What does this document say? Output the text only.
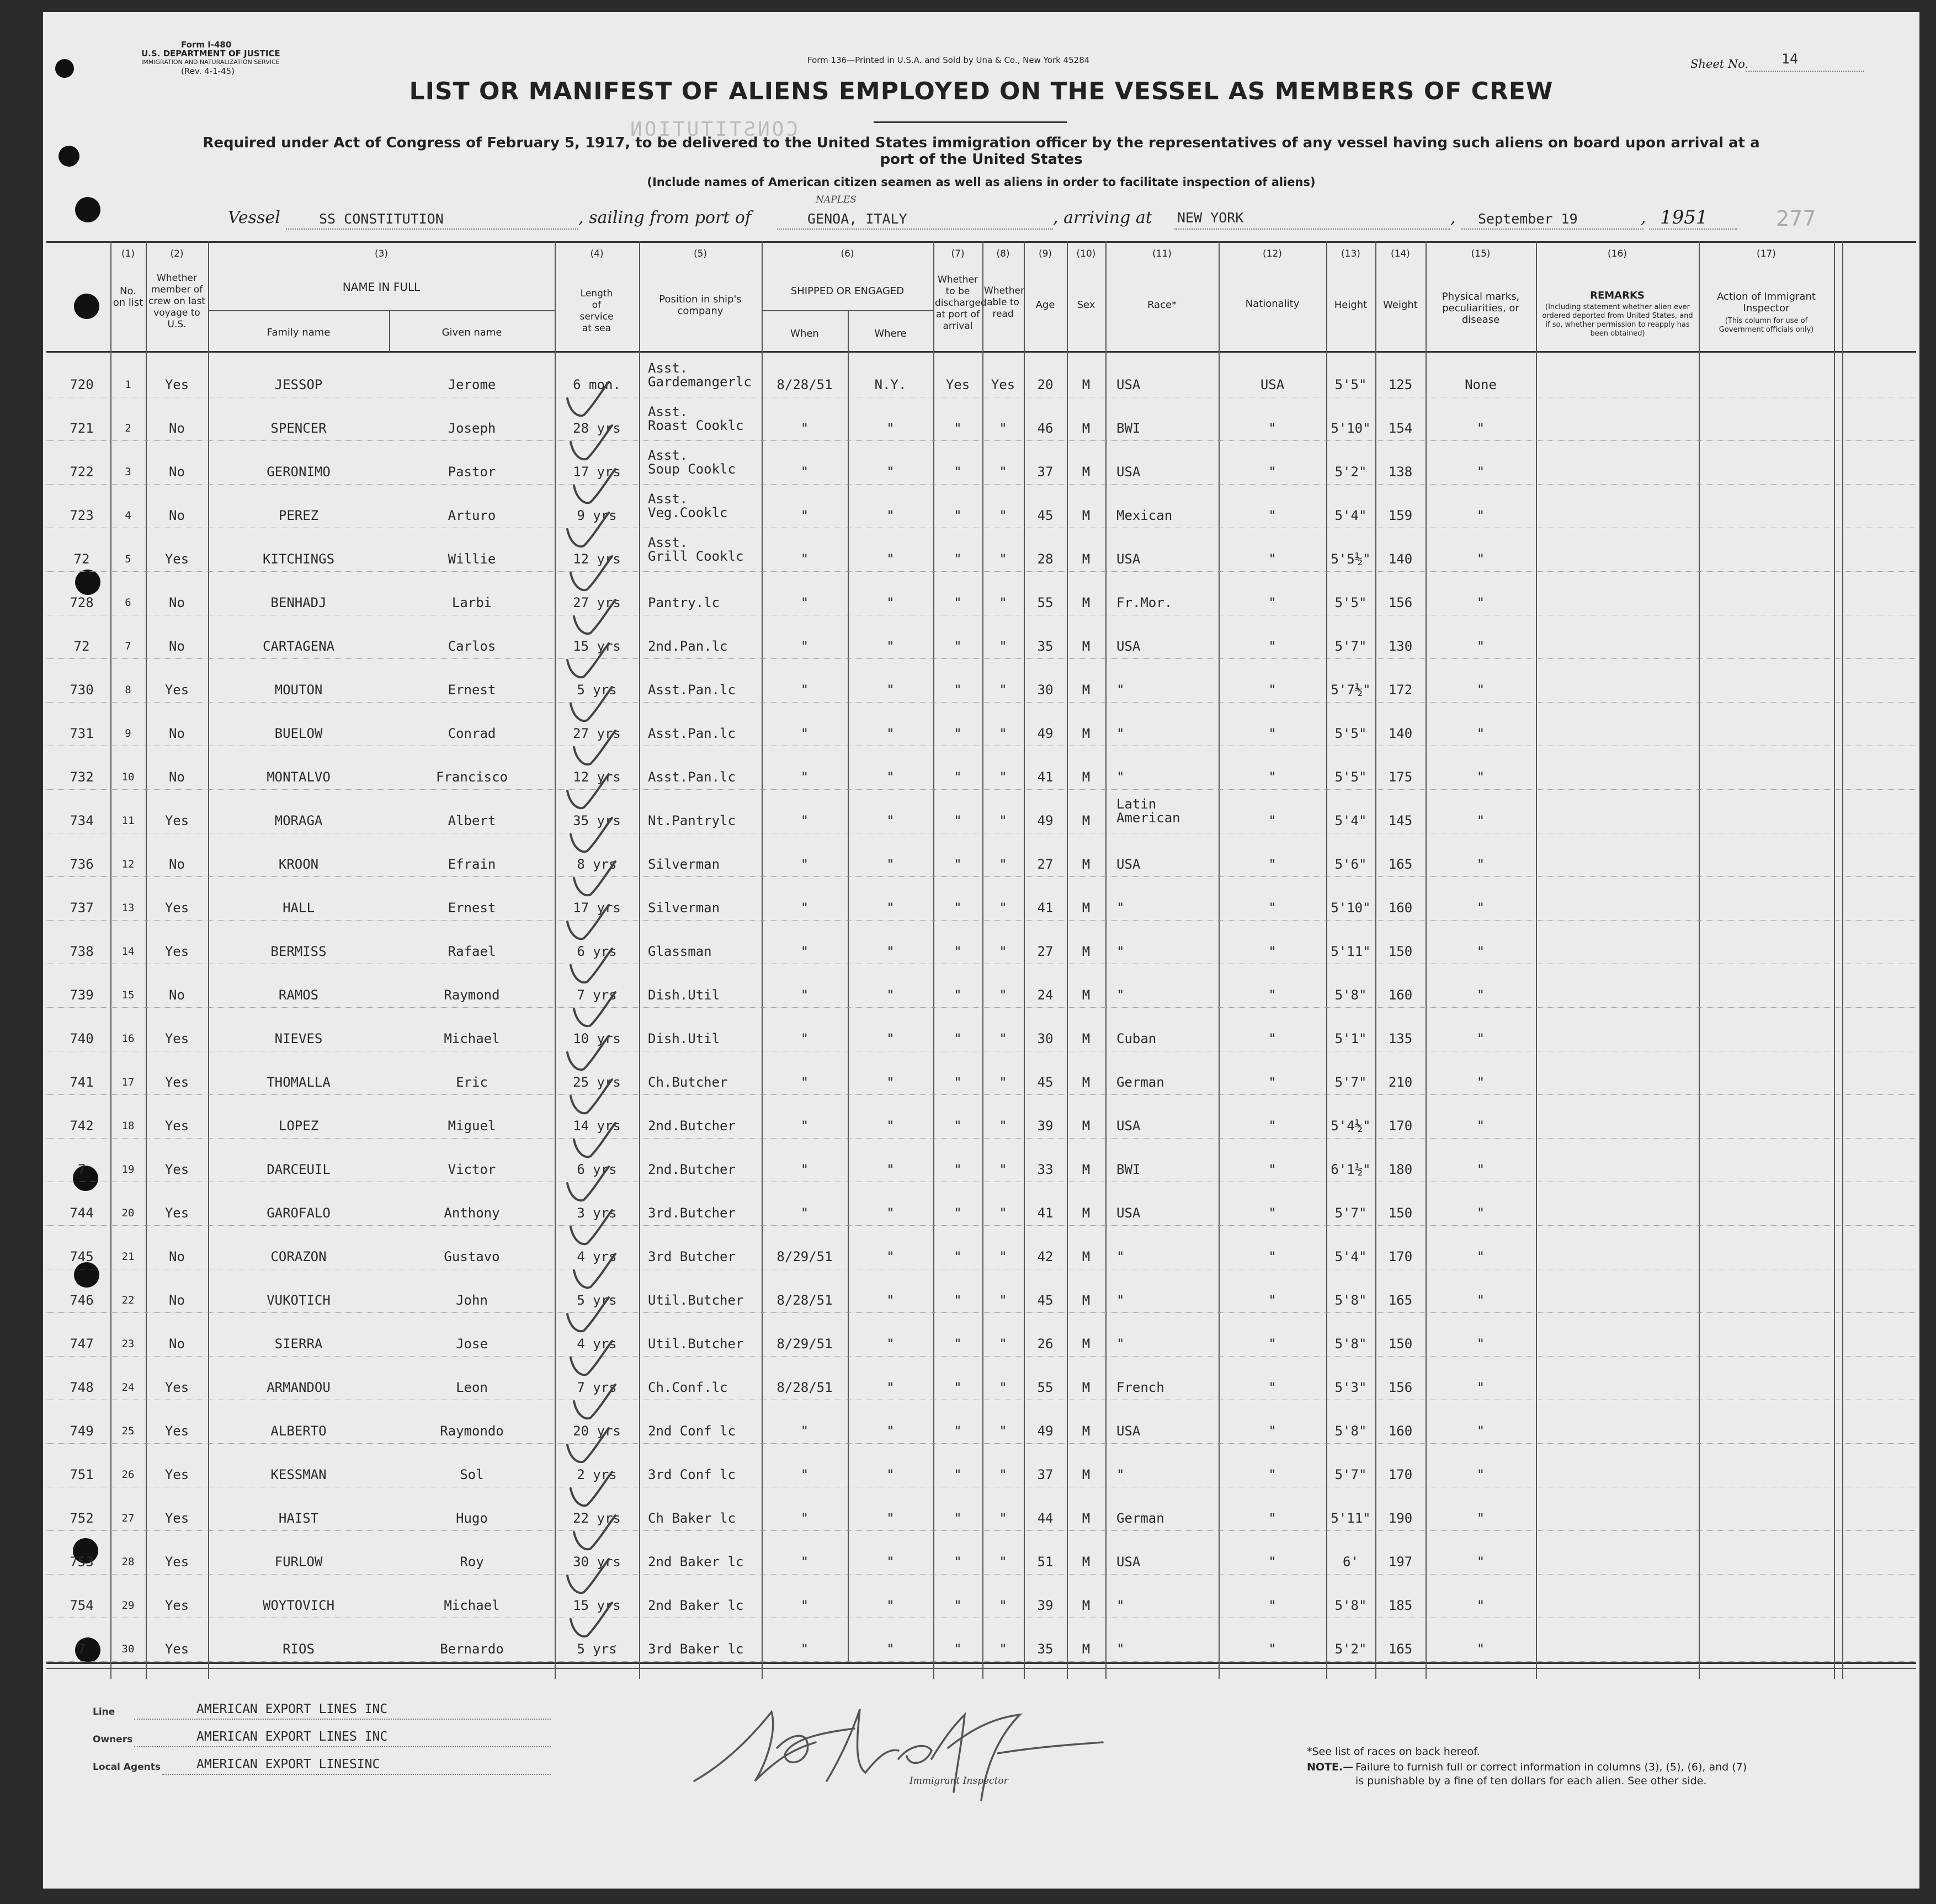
Form I-480
U.S. DEPARTMENT OF JUSTICE
IMMIGRATION AND NATURALIZATION SERVICE
(Rev. 4-1-45)
Form 136—Printed in U.S.A. and Sold by Una & Co., New York 45284	Sheet No. 14
LIST OR MANIFEST OF ALIENS EMPLOYED ON THE VESSEL AS MEMBERS OF CREW
CONSTITUTION
Required under Act of Congress of February 5, 1917, to be delivered to the United States immigration officer by the representatives of any vessel having such aliens on board upon arrival at a
port of the United States
(Include names of American citizen seamen as well as aliens in order to facilitate inspection of aliens)
Vessel	SS CONSTITUTION	, sailing from port of
NAPLES
GENOA, ITALY	, arriving at NEW YORK	, September 19	, 1951	277
(1)	(2)	(3)	(4)	(5)	(6)	(7)	(8)	(9)	(10)	(11)	(12)	(13)	(14)	(15)	(16)	(17)
No. on list
Whether member of crew on last voyage to U.S.
NAME IN FULL
Family name	Given name
Length of service at sea
Position in ship's company
SHIPPED OR ENGAGED
When	Where
Whether to be discharged at port of arrival
Whether able to read
Age	Sex	Race*	Nationality	Height	Weight
Physical marks, peculiarities, or disease
REMARKS
(Including statement whether alien ever ordered deported from United States, and if so, whether permission to reapply has been obtained)
Action of Immigrant Inspector
(This column for use of Government officials only)
720	1	Yes	JESSOP	Jerome	6 mon.
Asst.
Gardemangerlc	8/28/51	N.Y.	Yes	Yes	20	M	USA	USA	5'5"	125	None
721	2	No	SPENCER	Joseph	28 yrs
Asst.
Roast Cooklc	"	"	"	"	46	M	BWI	"	5'10"	154	"
722	3	No	GERONIMO	Pastor	17 yrs
Asst.
Soup Cooklc	"	"	"	"	37	M	USA	"	5'2"	138	"
723	4	No	PEREZ	Arturo	9 yrs
Asst.
Veg.Cooklc	"	"	"	"	45	M	Mexican	"	5'4"	159	"
72	5	Yes	KITCHINGS	Willie	12 yrs
Asst.
Grill Cooklc	"	"	"	"	28	M	USA	"	5'5½"	140	"
728	6	No	BENHADJ	Larbi	27 yrs	Pantry.lc	"	"	"	"	55	M	Fr.Mor.	"	5'5"	156	"
72	7	No	CARTAGENA	Carlos	15 yrs	2nd.Pan.lc	"	"	"	"	35	M	USA	"	5'7"	130	"
730	8	Yes	MOUTON	Ernest	5 yrs	Asst.Pan.lc	"	"	"	"	30	M	"	"	5'7½"	172	"
731	9	No	BUELOW	Conrad	27 yrs	Asst.Pan.lc	"	"	"	"	49	M	"	"	5'5"	140	"
732	10	No	MONTALVO	Francisco	12 yrs	Asst.Pan.lc	"	"	"	"	41	M	"	"	5'5"	175	"
734	11	Yes	MORAGA	Albert	35 yrs	Nt.Pantrylc	"	"	"	"	49	M
Latin
American	"	5'4"	145	"
736	12	No	KROON	Efrain	8 yrs	Silverman	"	"	"	"	27	M	USA	"	5'6"	165	"
737	13	Yes	HALL	Ernest	17 yrs	Silverman	"	"	"	"	41	M	"	"	5'10"	160	"
738	14	Yes	BERMISS	Rafael	6 yrs	Glassman	"	"	"	"	27	M	"	"	5'11"	150	"
739	15	No	RAMOS	Raymond	7 yrs	Dish.Util	"	"	"	"	24	M	"	"	5'8"	160	"
740	16	Yes	NIEVES	Michael	10 yrs	Dish.Util	"	"	"	"	30	M	Cuban	"	5'1"	135	"
741	17	Yes	THOMALLA	Eric	25 yrs	Ch.Butcher	"	"	"	"	45	M	German	"	5'7"	210	"
742	18	Yes	LOPEZ	Miguel	14 yrs	2nd.Butcher	"	"	"	"	39	M	USA	"	5'4½"	170	"
7	19	Yes	DARCEUIL	Victor	6 yrs	2nd.Butcher	"	"	"	"	33	M	BWI	"	6'1½"	180	"
744	20	Yes	GAROFALO	Anthony	3 yrs	3rd.Butcher	"	"	"	"	41	M	USA	"	5'7"	150	"
745	21	No	CORAZON	Gustavo	4 yrs	3rd Butcher	8/29/51	"	"	"	42	M	"	"	5'4"	170	"
746	22	No	VUKOTICH	John	5 yrs	Util.Butcher	8/28/51	"	"	"	45	M	"	"	5'8"	165	"
747	23	No	SIERRA	Jose	4 yrs	Util.Butcher	8/29/51	"	"	"	26	M	"	"	5'8"	150	"
748	24	Yes	ARMANDOU	Leon	7 yrs	Ch.Conf.lc	8/28/51	"	"	"	55	M	French	"	5'3"	156	"
749	25	Yes	ALBERTO	Raymondo	20 yrs	2nd Conf lc	"	"	"	"	49	M	USA	"	5'8"	160	"
751	26	Yes	KESSMAN	Sol	2 yrs	3rd Conf lc	"	"	"	"	37	M	"	"	5'7"	170	"
752	27	Yes	HAIST	Hugo	22 yrs	Ch Baker lc	"	"	"	"	44	M	German	"	5'11"	190	"
753	28	Yes	FURLOW	Roy	30 yrs	2nd Baker lc	"	"	"	"	51	M	USA	"	6'	197	"
754	29	Yes	WOYTOVICH	Michael	15 yrs	2nd Baker lc	"	"	"	"	39	M	"	"	5'8"	185	"
7	30	Yes	RIOS	Bernardo	5 yrs	3rd Baker lc	"	"	"	"	35	M	"	"	5'2"	165	"
Line	AMERICAN EXPORT LINES INC
Owners	AMERICAN EXPORT LINES INC
Local Agents	AMERICAN EXPORT LINESINC
Immigrant Inspector
*See list of races on back hereof.
NOTE.— Failure to furnish full or correct information in columns (3), (5), (6), and (7)
is punishable by a fine of ten dollars for each alien. See other side.
